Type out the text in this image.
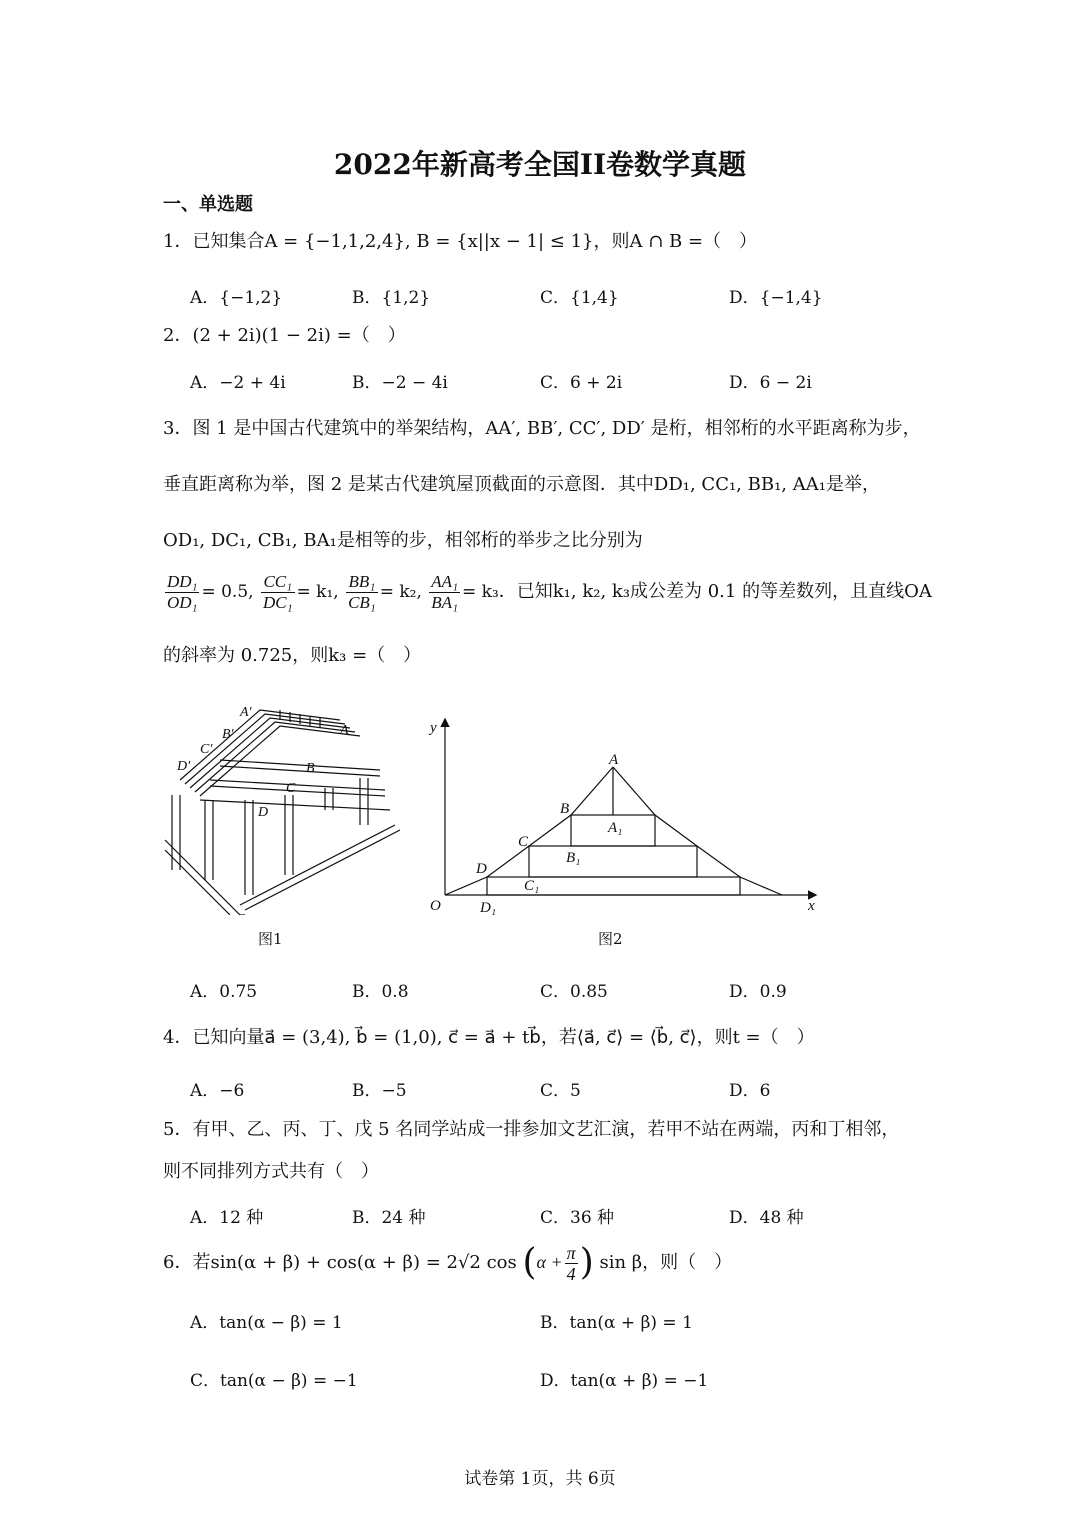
2022年新高考全国II卷数学真题
一、单选题
1．已知集合A = {−1,1,2,4}, B = {x||x − 1| ≤ 1}，则A ∩ B =（　）
A．{−1,2}	B．{1,2}	C．{1,4}	D．{−1,4}
2．(2 + 2i)(1 − 2i) =（　）
A．−2 + 4i	B．−2 − 4i	C．6 + 2i	D．6 − 2i
3．图 1 是中国古代建筑中的举架结构，AA′, BB′, CC′, DD′ 是桁，相邻桁的水平距离称为步，
垂直距离称为举，图 2 是某古代建筑屋顶截面的示意图．其中DD₁, CC₁, BB₁, AA₁是举，
OD₁, DC₁, CB₁, BA₁是相等的步，相邻桁的举步之比分别为
$\frac{\text{DD₁}}{\text{OD₁}} = 0.5$, $\frac{\text{CC₁}}{\text{DC₁}} = k_1$, $\frac{\text{BB₁}}{\text{CB₁}} = k_2$, $\frac{\text{AA₁}}{\text{BA₁}} = k_3$．已知k₁, k₂, k₃成公差为 0.1 的等差数列，且直线OA
的斜率为 0.725，则k₃ =（　）
A′
B′
C′
D′
A
B
C
D
图1
y
x
O
A
B
C
D
A₁
B₁
C₁
D₁
图2
A．0.75	B．0.8	C．0.85	D．0.9
4．已知向量a⃗ = (3,4), b⃗ = (1,0), c⃗ = a⃗ + tb⃗，若⟨a⃗, c⃗⟩ = ⟨b⃗, c⃗⟩，则t =（　）
A．−6	B．−5	C．5	D．6
5．有甲、乙、丙、丁、戊 5 名同学站成一排参加文艺汇演，若甲不站在两端，丙和丁相邻，
则不同排列方式共有（　）
A．12 种	B．24 种	C．36 种	D．48 种
6．若sin(α + β) + cos(α + β) = 2√2 $\cos (\alpha + \frac{\pi}{4}$ ) sin β，则（　）
A．tan(α − β) = 1	B．tan(α + β) = 1
C．tan(α − β) = −1	D．tan(α + β) = −1
试卷第 1页，共 6页
